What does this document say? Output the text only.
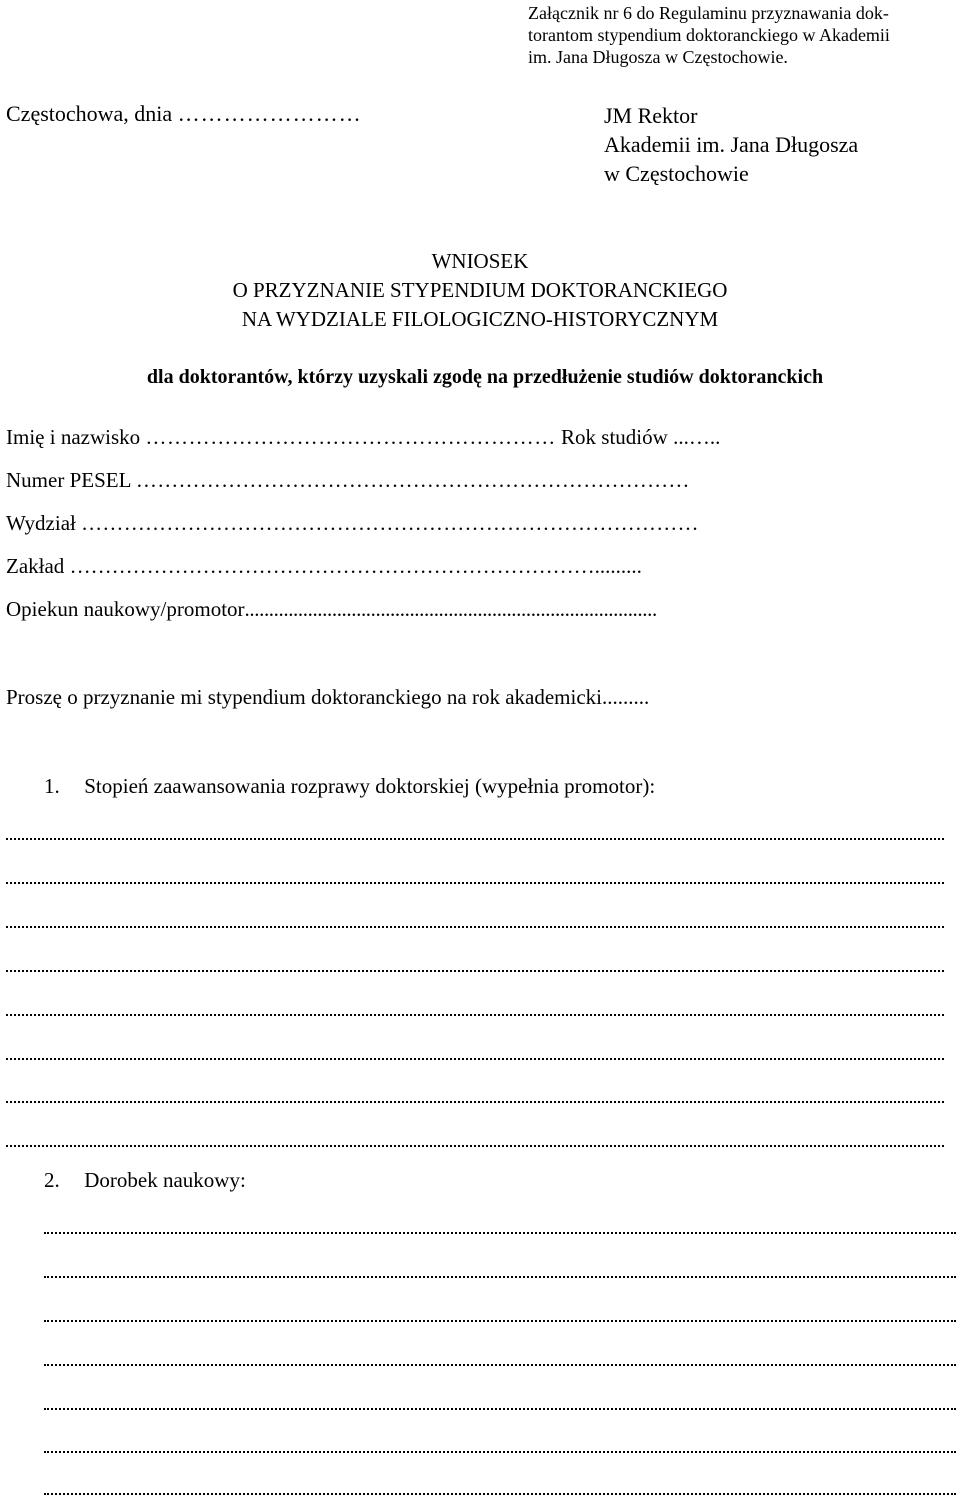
Załącznik nr 6 do Regulaminu przyznawania dok-
torantom stypendium doktoranckiego w Akademii
im. Jana Długosza w Częstochowie.
Częstochowa, dnia ……………………	JM Rektor
Akademii im. Jana Długosza
w Częstochowie
WNIOSEK
O PRZYZNANIE STYPENDIUM DOKTORANCKIEGO
NA WYDZIALE FILOLOGICZNO-HISTORYCZNYM
dla doktorantów, którzy uzyskali zgodę na przedłużenie studiów doktoranckich
Imię i nazwisko ………………………………………………… Rok studiów ...…..
Numer PESEL ……………………………………………………………………
Wydział ……………………………………………………………………………
Zakład ………………………………………………………………….........
Opiekun naukowy/promotor.....................................................................................
Proszę o przyznanie mi stypendium doktoranckiego na rok akademicki.........
1. Stopień zaawansowania rozprawy doktorskiej (wypełnia promotor):
2. Dorobek naukowy:
